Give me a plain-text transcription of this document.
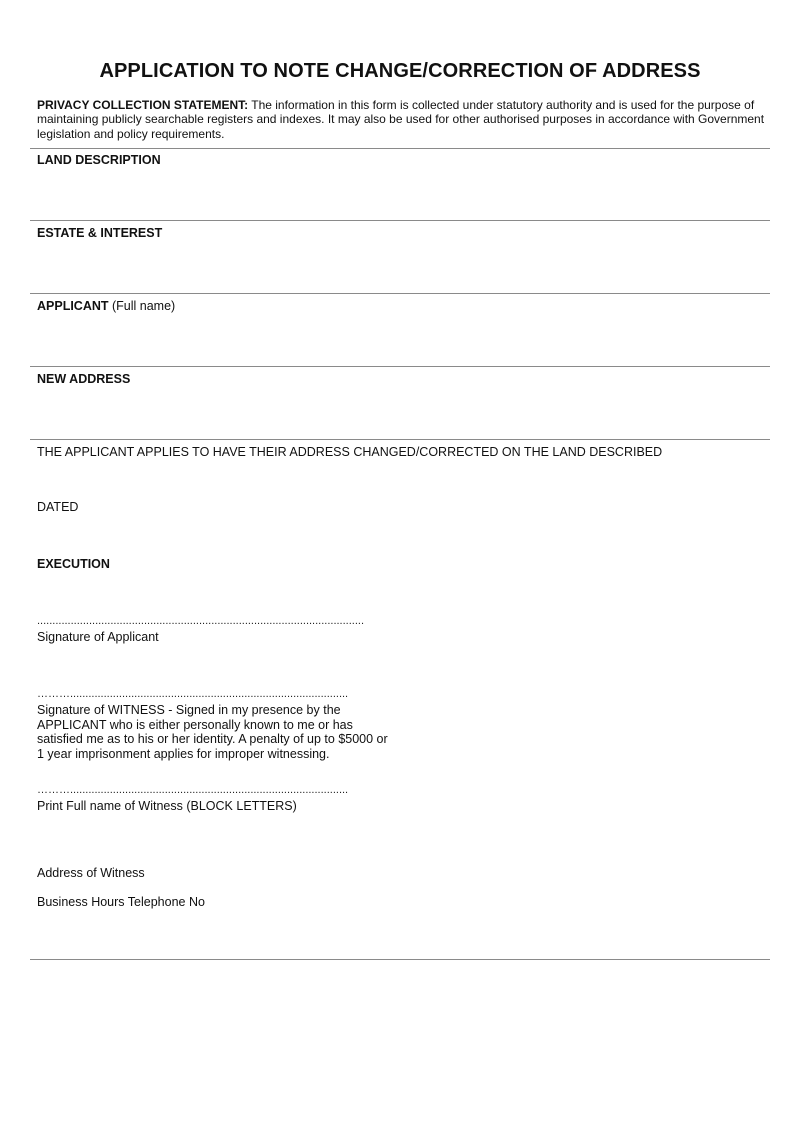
APPLICATION TO NOTE CHANGE/CORRECTION OF ADDRESS
PRIVACY COLLECTION STATEMENT: The information in this form is collected under statutory authority and is used for the purpose of maintaining publicly searchable registers and indexes. It may also be used for other authorised purposes in accordance with Government legislation and policy requirements.
LAND DESCRIPTION
ESTATE & INTEREST
APPLICANT (Full name)
NEW ADDRESS
THE APPLICANT APPLIES TO HAVE THEIR ADDRESS CHANGED/CORRECTED ON THE LAND DESCRIBED
DATED
EXECUTION
...........................................................................................................
Signature of Applicant
………...........................................................................................
Signature of WITNESS - Signed in my presence by the APPLICANT who is either personally known to me or has satisfied me as to his or her identity. A penalty of up to $5000 or 1 year imprisonment applies for improper witnessing.
………...........................................................................................
Print Full name of Witness (BLOCK LETTERS)
Address of Witness
Business Hours Telephone No
